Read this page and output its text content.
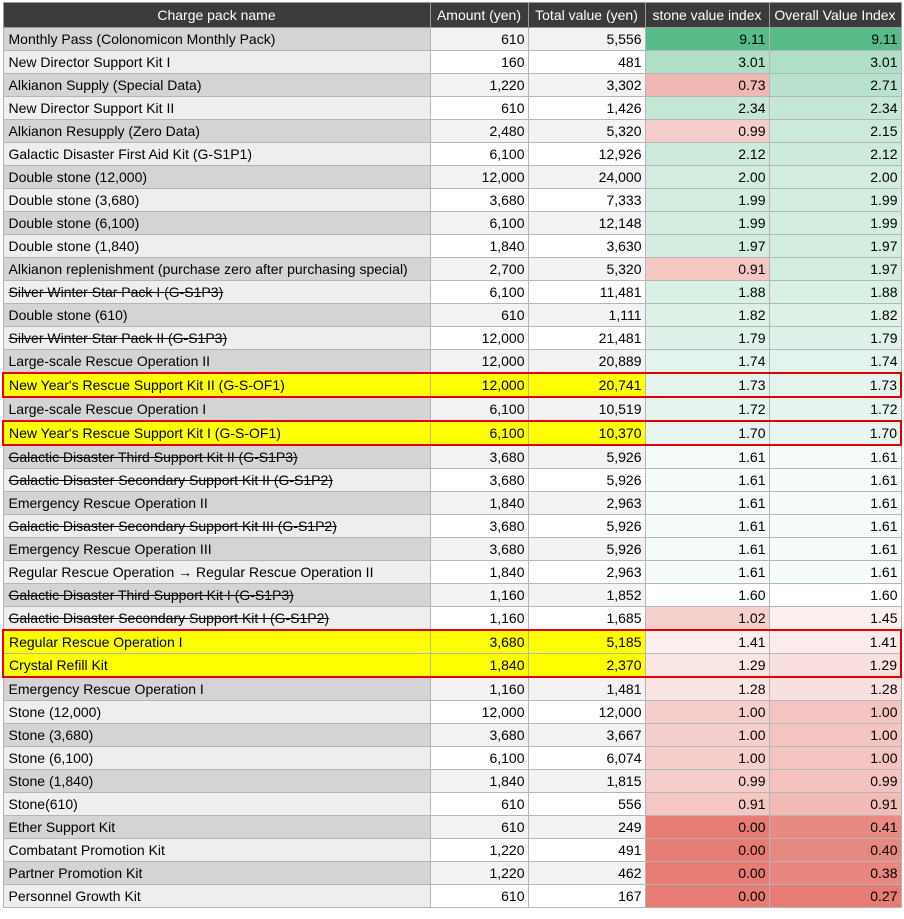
Charge pack name	Amount (yen)	Total value (yen)	stone value index	Overall Value Index
Monthly Pass (Colonomicon Monthly Pack)	610	5,556	9.11	9.11
New Director Support Kit I	160	481	3.01	3.01
Alkianon Supply (Special Data)	1,220	3,302	0.73	2.71
New Director Support Kit II	610	1,426	2.34	2.34
Alkianon Resupply (Zero Data)	2,480	5,320	0.99	2.15
Galactic Disaster First Aid Kit (G-S1P1)	6,100	12,926	2.12	2.12
Double stone (12,000)	12,000	24,000	2.00	2.00
Double stone (3,680)	3,680	7,333	1.99	1.99
Double stone (6,100)	6,100	12,148	1.99	1.99
Double stone (1,840)	1,840	3,630	1.97	1.97
Alkianon replenishment (purchase zero after purchasing special)	2,700	5,320	0.91	1.97
Silver Winter Star Pack I (G-S1P3)	6,100	11,481	1.88	1.88
Double stone (610)	610	1,111	1.82	1.82
Silver Winter Star Pack II (G-S1P3)	12,000	21,481	1.79	1.79
Large-scale Rescue Operation II	12,000	20,889	1.74	1.74
New Year's Rescue Support Kit II (G-S-OF1)	12,000	20,741	1.73	1.73
Large-scale Rescue Operation I	6,100	10,519	1.72	1.72
New Year's Rescue Support Kit I (G-S-OF1)	6,100	10,370	1.70	1.70
Galactic Disaster Third Support Kit II (G-S1P3)	3,680	5,926	1.61	1.61
Galactic Disaster Secondary Support Kit II (G-S1P2)	3,680	5,926	1.61	1.61
Emergency Rescue Operation II	1,840	2,963	1.61	1.61
Galactic Disaster Secondary Support Kit III (G-S1P2)	3,680	5,926	1.61	1.61
Emergency Rescue Operation III	3,680	5,926	1.61	1.61
Regular Rescue Operation → Regular Rescue Operation II	1,840	2,963	1.61	1.61
Galactic Disaster Third Support Kit I (G-S1P3)	1,160	1,852	1.60	1.60
Galactic Disaster Secondary Support Kit I (G-S1P2)	1,160	1,685	1.02	1.45
Regular Rescue Operation I	3,680	5,185	1.41	1.41
Crystal Refill Kit	1,840	2,370	1.29	1.29
Emergency Rescue Operation I	1,160	1,481	1.28	1.28
Stone (12,000)	12,000	12,000	1.00	1.00
Stone (3,680)	3,680	3,667	1.00	1.00
Stone (6,100)	6,100	6,074	1.00	1.00
Stone (1,840)	1,840	1,815	0.99	0.99
Stone(610)	610	556	0.91	0.91
Ether Support Kit	610	249	0.00	0.41
Combatant Promotion Kit	1,220	491	0.00	0.40
Partner Promotion Kit	1,220	462	0.00	0.38
Personnel Growth Kit	610	167	0.00	0.27
